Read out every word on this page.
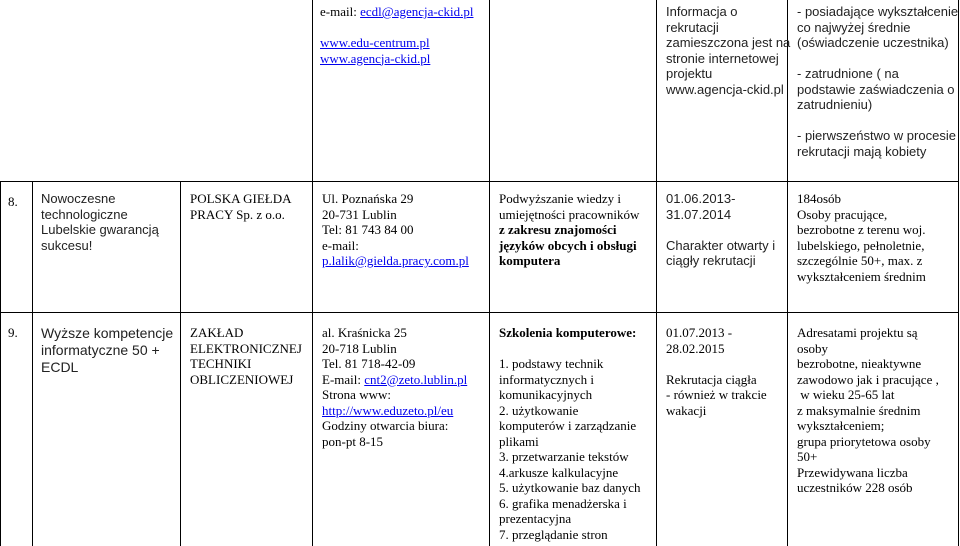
e-mail: ecdl@agencja-ckid.pl
www.edu-centrum.pl
www.agencja-ckid.pl
Informacja o
rekrutacji
zamieszczona jest na
stronie internetowej
projektu
www.agencja-ckid.pl
- posiadające wykształcenie
co najwyżej średnie
(oświadczenie uczestnika)
- zatrudnione ( na
podstawie zaświadczenia o
zatrudnieniu)
- pierwszeństwo w procesie
rekrutacji mają kobiety
8. Nowoczesne
technologiczne
Lubelskie gwarancją
sukcesu!
POLSKA GIEŁDA
PRACY Sp. z o.o.
Ul. Poznańska 29
20-731 Lublin
Tel: 81 743 84 00
e-mail:
p.lalik@gielda.pracy.com.pl
Podwyższanie wiedzy i
umiejętności pracowników
z zakresu znajomości
języków obcych i obsługi
komputera
01.06.2013-
31.07.2014
Charakter otwarty i
ciągły rekrutacji
184osób
Osoby pracujące,
bezrobotne z terenu woj.
lubelskiego, pełnoletnie,
szczególnie 50+, max. z
wykształceniem średnim
9. Wyższe kompetencje
informatyczne 50 +
ECDL
ZAKŁAD
ELEKTRONICZNEJ
TECHNIKI
OBLICZENIOWEJ
al. Kraśnicka 25
20-718 Lublin
Tel. 81 718-42-09
E-mail: cnt2@zeto.lublin.pl
Strona www:
http://www.eduzeto.pl/eu
Godziny otwarcia biura:
pon-pt 8-15
Szkolenia komputerowe:
1. podstawy technik
informatycznych i
komunikacyjnych
2. użytkowanie
komputerów i zarządzanie
plikami
3. przetwarzanie tekstów
4.arkusze kalkulacyjne
5. użytkowanie baz danych
6. grafika menadżerska i
prezentacyjna
7. przeglądanie stron
01.07.2013 -
28.02.2015
Rekrutacja ciągła
- również w trakcie
wakacji
Adresatami projektu są
osoby
bezrobotne, nieaktywne
zawodowo jak i pracujące ,
w wieku 25-65 lat
z maksymalnie średnim
wykształceniem;
grupa priorytetowa osoby
50+
Przewidywana liczba
uczestników 228 osób
